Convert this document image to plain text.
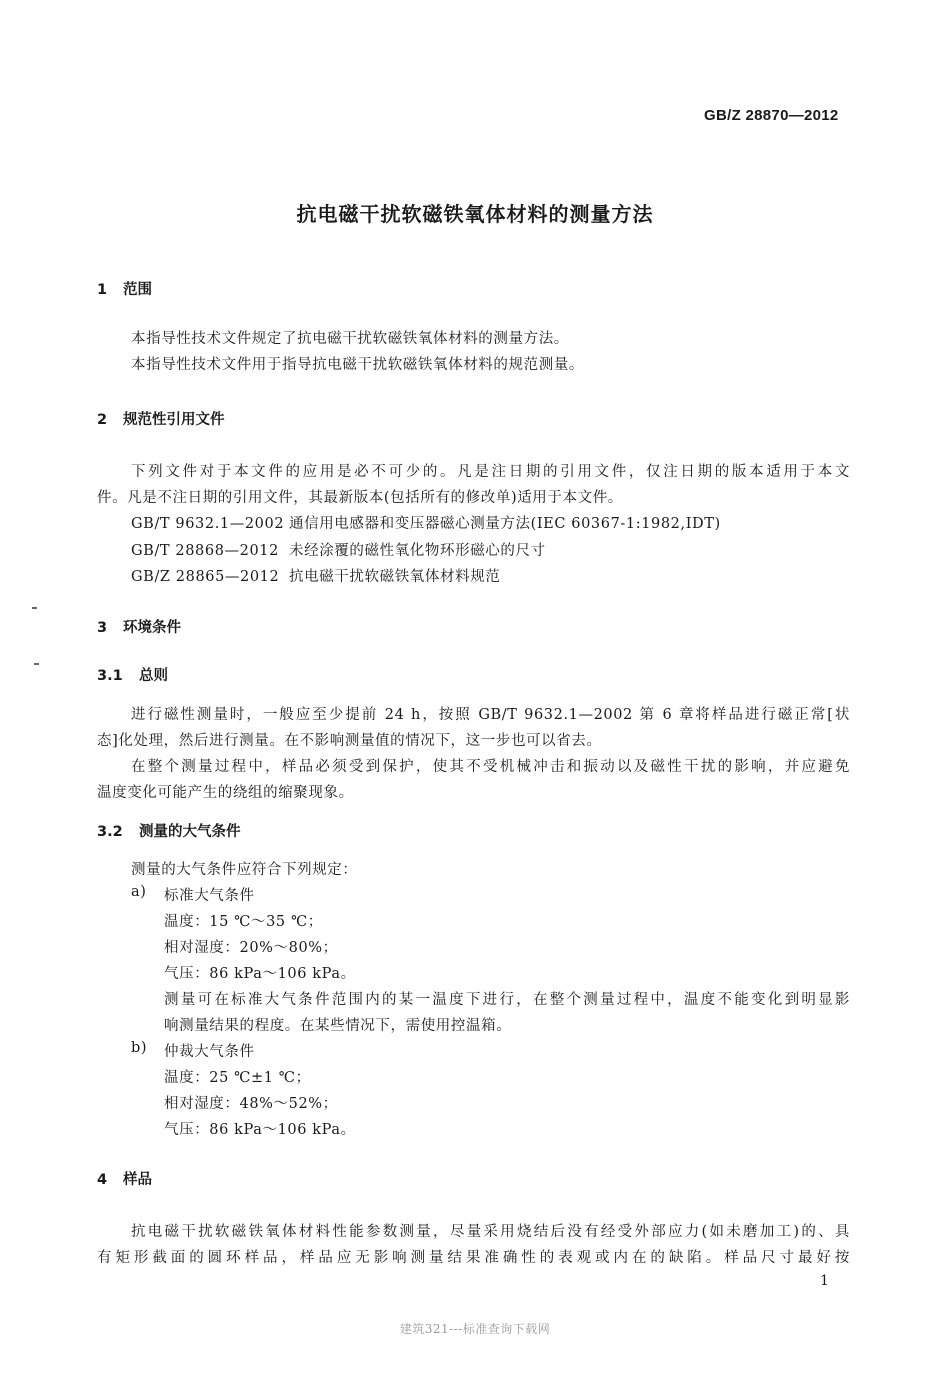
GB/Z 28870—2012
抗电磁干扰软磁铁氧体材料的测量方法
1 范围
本指导性技术文件规定了抗电磁干扰软磁铁氧体材料的测量方法。
本指导性技术文件用于指导抗电磁干扰软磁铁氧体材料的规范测量。
2 规范性引用文件
下列文件对于本文件的应用是必不可少的。凡是注日期的引用文件，仅注日期的版本适用于本文
件。凡是不注日期的引用文件，其最新版本(包括所有的修改单)适用于本文件。
GB/T 9632.1—2002 通信用电感器和变压器磁心测量方法(IEC 60367-1:1982,IDT)
GB/T 28868—2012 未经涂覆的磁性氧化物环形磁心的尺寸
GB/Z 28865—2012 抗电磁干扰软磁铁氧体材料规范
3 环境条件
3.1 总则
进行磁性测量时，一般应至少提前 24 h，按照 GB/T 9632.1—2002 第 6 章将样品进行磁正常[状
态]化处理，然后进行测量。在不影响测量值的情况下，这一步也可以省去。
在整个测量过程中，样品必须受到保护，使其不受机械冲击和振动以及磁性干扰的影响，并应避免
温度变化可能产生的绕组的缩聚现象。
3.2 测量的大气条件
测量的大气条件应符合下列规定：
a) 标准大气条件
温度：15 ℃～35 ℃；
相对湿度：20%～80%；
气压：86 kPa～106 kPa。
测量可在标准大气条件范围内的某一温度下进行，在整个测量过程中，温度不能变化到明显影
响测量结果的程度。在某些情况下，需使用控温箱。
b) 仲裁大气条件
温度：25 ℃±1 ℃；
相对湿度：48%～52%；
气压：86 kPa～106 kPa。
4 样品
抗电磁干扰软磁铁氧体材料性能参数测量，尽量采用烧结后没有经受外部应力(如未磨加工)的、具
有矩形截面的圆环样品，样品应无影响测量结果准确性的表观或内在的缺陷。样品尺寸最好按
1
建筑321---标准查询下载网
